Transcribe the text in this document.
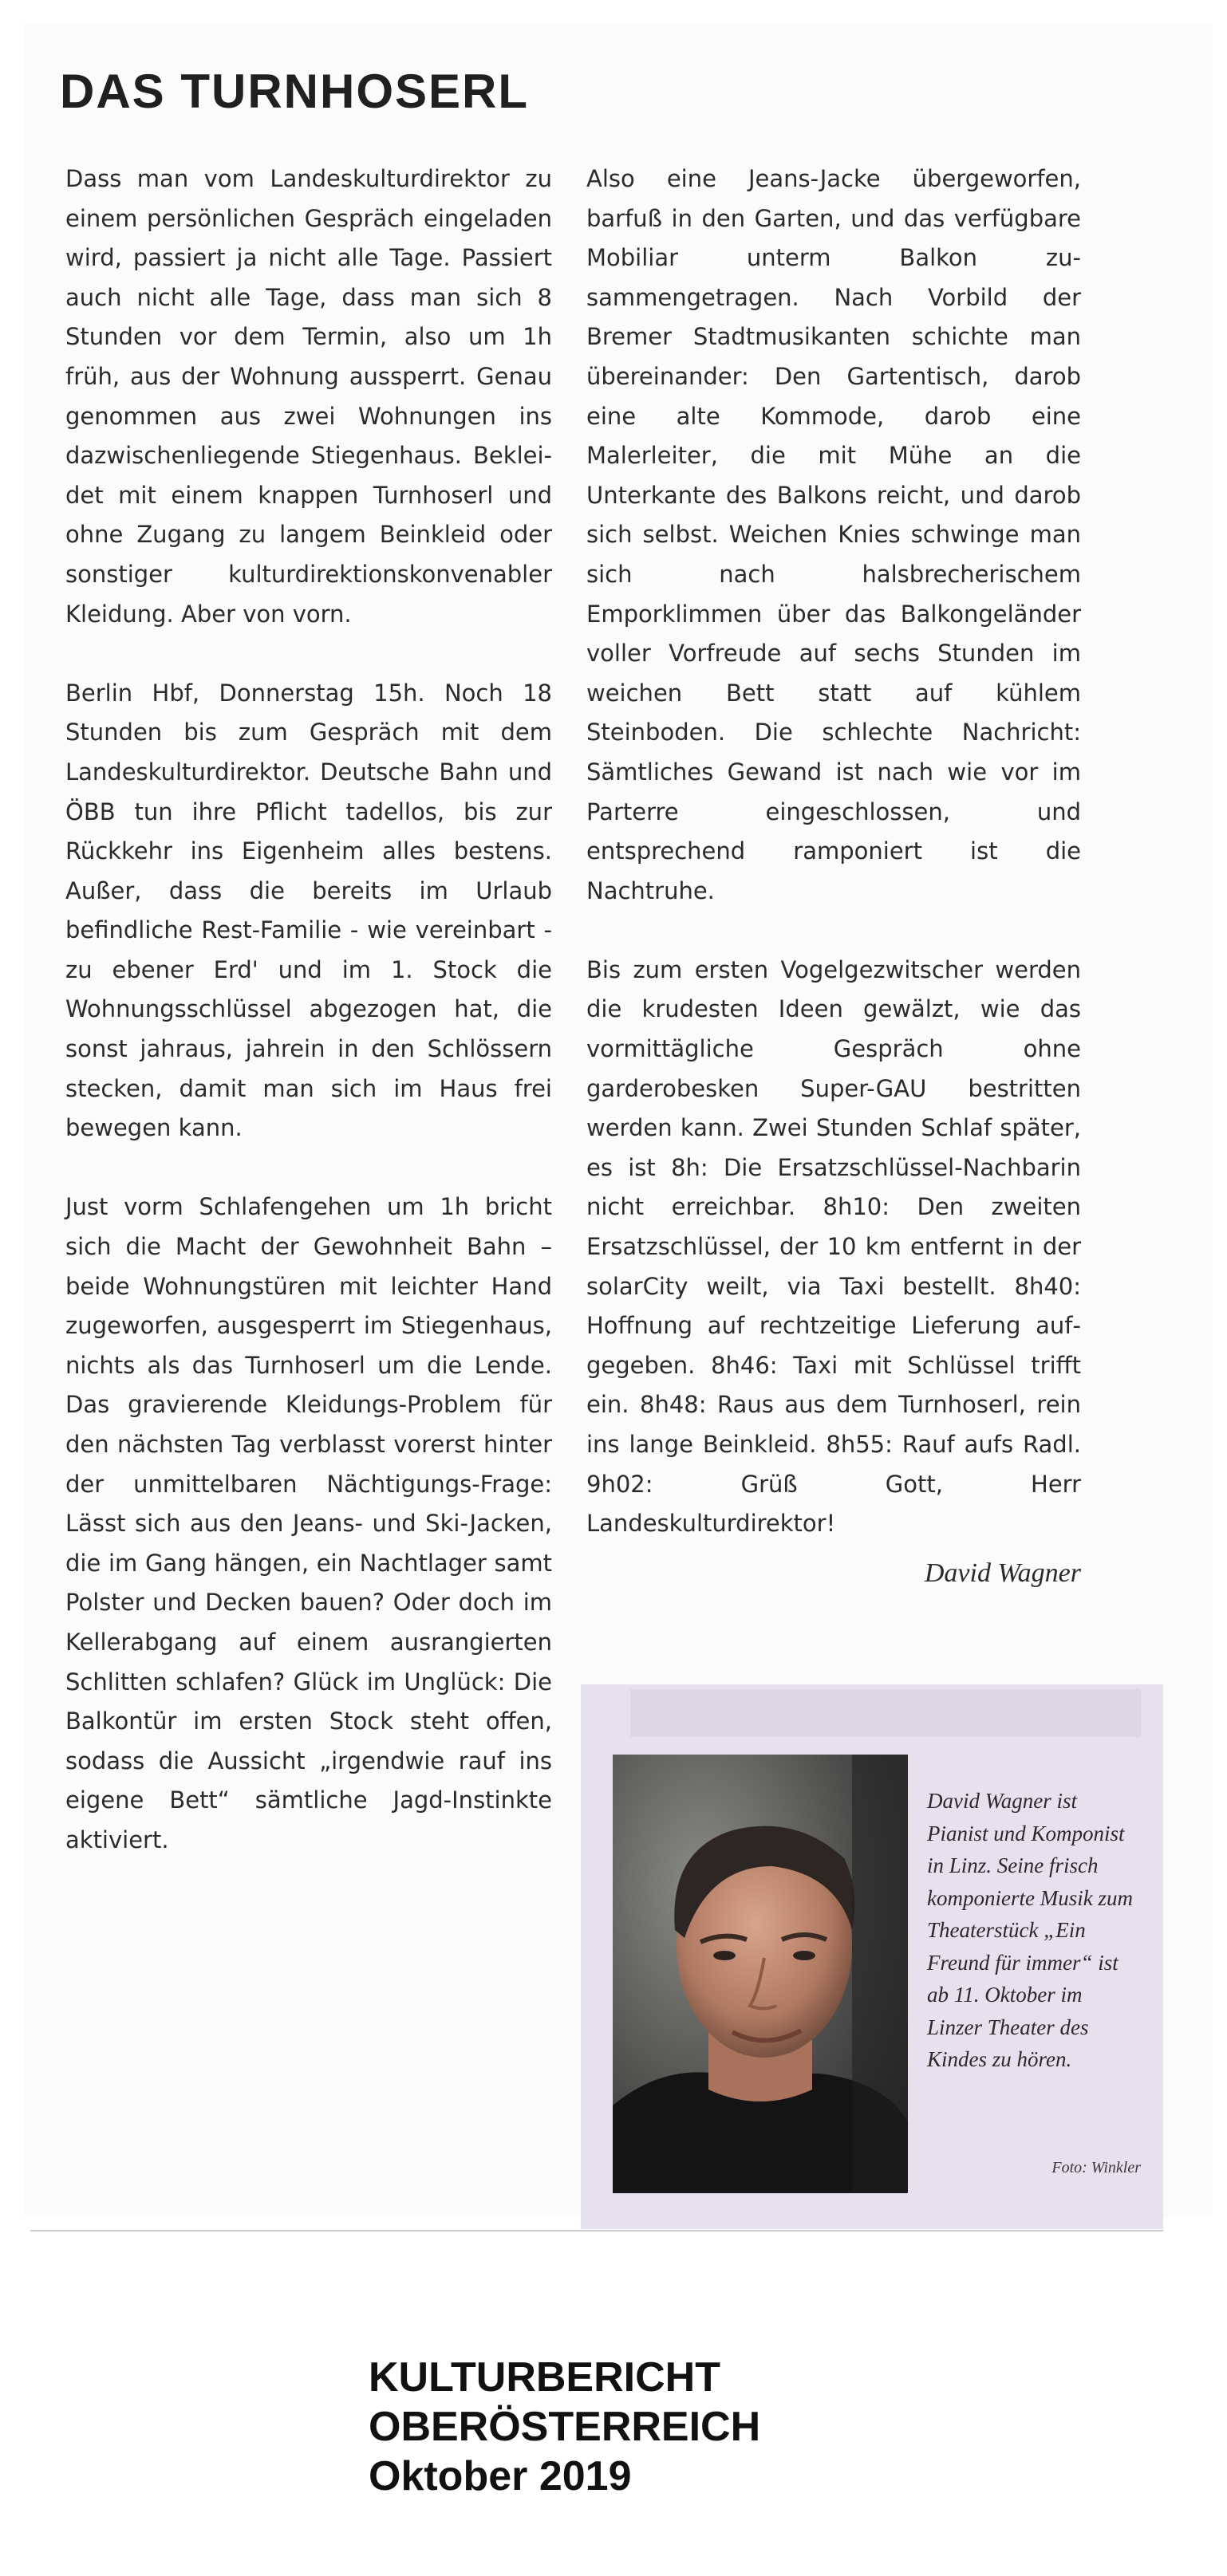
DAS TURNHOSERL

Dass man vom Landeskulturdirektor zu einem persönlichen Gespräch eingeladen wird, passiert ja nicht alle Tage. Passiert auch nicht alle Tage, dass man sich 8 Stunden vor dem Termin, also um 1h früh, aus der Wohnung aussperrt. Genau genommen aus zwei Wohnungen ins dazwischenliegende Stiegenhaus. Bekleidet mit einem knappen Turnhoserl und ohne Zugang zu langem Beinkleid oder sonstiger kulturdirektionskonvenabler Kleidung. Aber von vorn.

Berlin Hbf, Donnerstag 15h. Noch 18 Stunden bis zum Gespräch mit dem Landeskulturdirektor. Deutsche Bahn und ÖBB tun ihre Pflicht tadellos, bis zur Rückkehr ins Eigenheim alles bestens. Außer, dass die bereits im Urlaub befindliche Rest-Familie - wie vereinbart - zu ebener Erd' und im 1. Stock die Wohnungsschlüssel abgezogen hat, die sonst jahraus, jahrein in den Schlössern stecken, damit man sich im Haus frei bewegen kann.

Just vorm Schlafengehen um 1h bricht sich die Macht der Gewohnheit Bahn – beide Wohnungstüren mit leichter Hand zugeworfen, ausgesperrt im Stiegenhaus, nichts als das Turnhoserl um die Lende. Das gravierende Kleidungs-Problem für den nächsten Tag verblasst vorerst hinter der unmittelbaren Nächtigungs-Frage: Lässt sich aus den Jeans- und Ski-Jacken, die im Gang hängen, ein Nachtlager samt Polster und Decken bauen? Oder doch im Kellerabgang auf einem ausrangierten Schlitten schlafen? Glück im Unglück: Die Balkontür im ersten Stock steht offen, sodass die Aussicht „irgendwie rauf ins eigene Bett“ sämtliche Jagd-Instinkte aktiviert.

Also eine Jeans-Jacke übergeworfen, barfuß in den Garten, und das verfügbare Mobiliar unterm Balkon zusammengetragen. Nach Vorbild der Bremer Stadtmusikanten schichte man übereinander: Den Gartentisch, darob eine alte Kommode, darob eine Malerleiter, die mit Mühe an die Unterkante des Balkons reicht, und darob sich selbst. Weichen Knies schwinge man sich nach halsbrecherischem Emporklimmen über das Balkongeländer voller Vorfreude auf sechs Stunden im weichen Bett statt auf kühlem Steinboden. Die schlechte Nachricht: Sämtliches Gewand ist nach wie vor im Parterre eingeschlossen, und entsprechend ramponiert ist die Nachtruhe.

Bis zum ersten Vogelgezwitscher werden die krudesten Ideen gewälzt, wie das vormittägliche Gespräch ohne garderobesken Super-GAU bestritten werden kann. Zwei Stunden Schlaf später, es ist 8h: Die Ersatzschlüssel-Nachbarin nicht erreichbar. 8h10: Den zweiten Ersatzschlüssel, der 10 km entfernt in der solarCity weilt, via Taxi bestellt. 8h40: Hoffnung auf rechtzeitige Lieferung aufgegeben. 8h46: Taxi mit Schlüssel trifft ein. 8h48: Raus aus dem Turnhoserl, rein ins lange Beinkleid. 8h55: Rauf aufs Radl. 9h02: Grüß Gott, Herr Landeskulturdirektor!

David Wagner

David Wagner ist Pianist und Komponist in Linz. Seine frisch komponierte Musik zum Theaterstück „Ein Freund für immer“ ist ab 11. Oktober im Linzer Theater des Kindes zu hören.

Foto: Winkler
KULTURBERICHT
OBERÖSTERREICH
Oktober 2019
